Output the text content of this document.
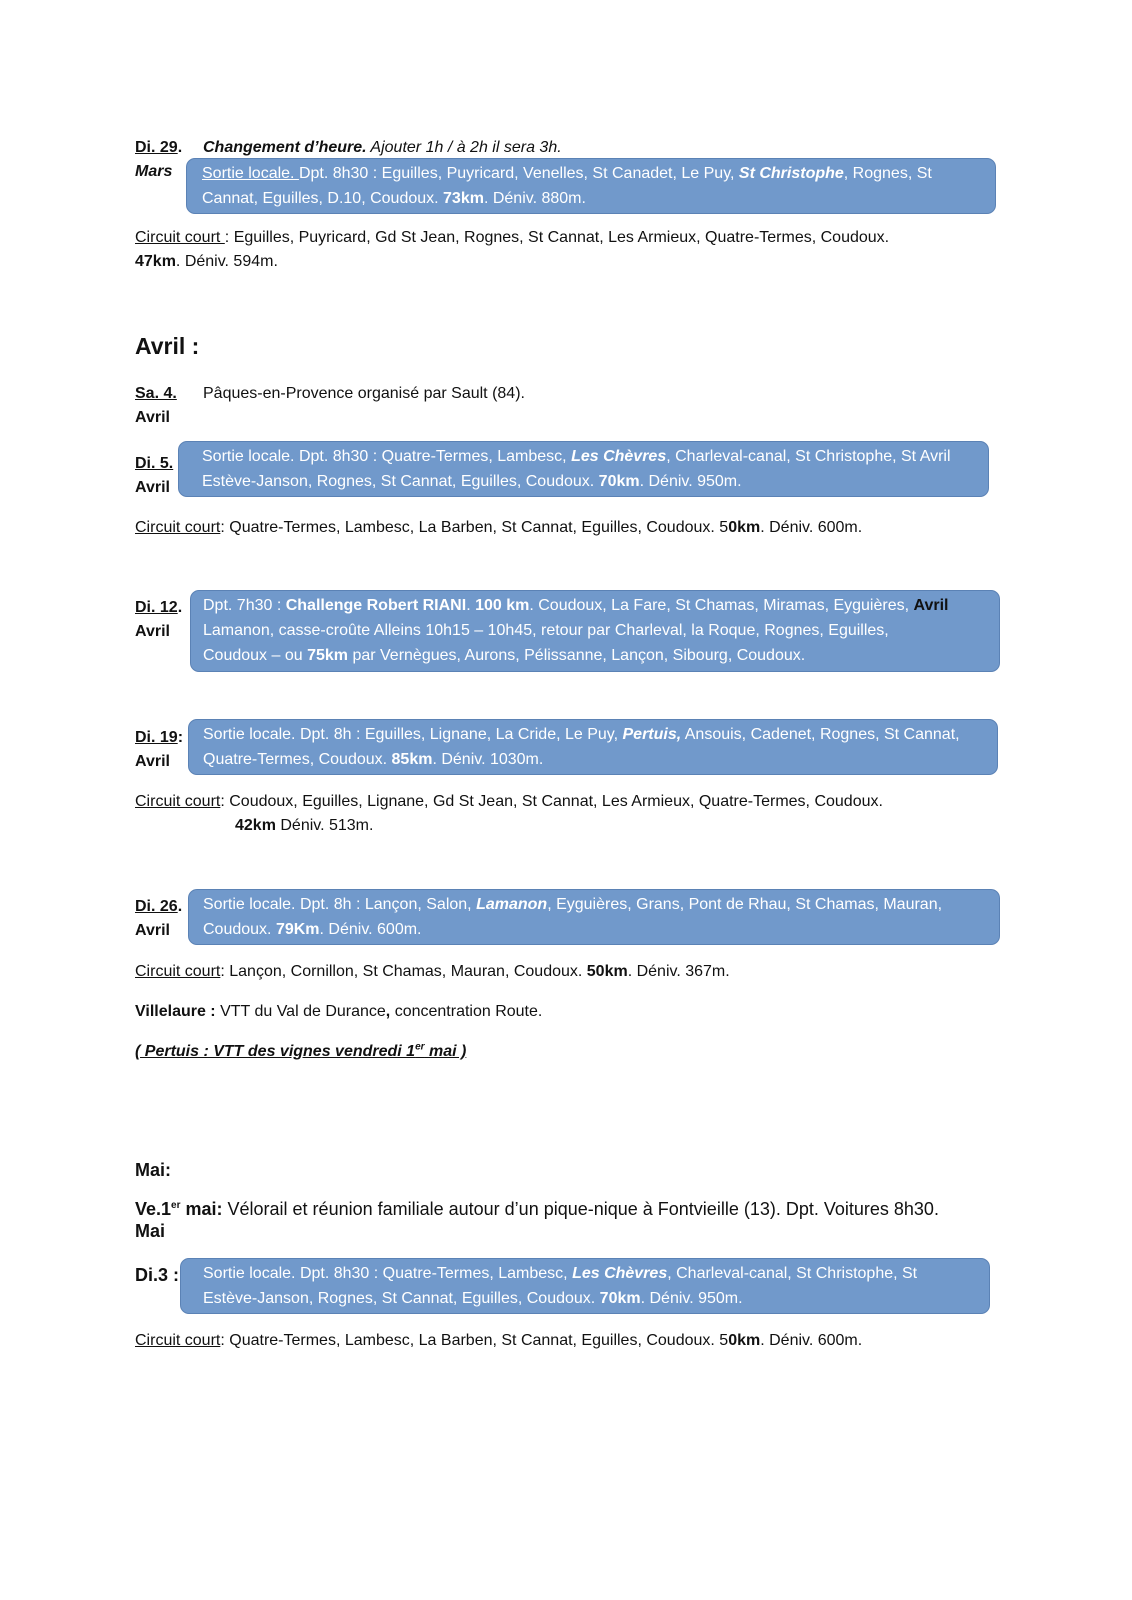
Di. 29.
Mars
Changement d’heure. Ajouter 1h / à 2h il sera 3h.
Sortie locale. Dpt. 8h30 : Eguilles, Puyricard, Venelles, St Canadet, Le Puy, St Christophe, Rognes, St
Cannat, Eguilles, D.10, Coudoux. 73km. Déniv. 880m.
Circuit court : Eguilles, Puyricard, Gd St Jean, Rognes, St Cannat, Les Armieux, Quatre-Termes, Coudoux.
47km. Déniv. 594m.
Avril :
Sa. 4.
Avril
Pâques-en-Provence organisé par Sault (84).
Di. 5.
Avril
Sortie locale. Dpt. 8h30 : Quatre-Termes, Lambesc, Les Chèvres, Charleval-canal, St Christophe, St Avril
Estève-Janson, Rognes, St Cannat, Eguilles, Coudoux. 70km. Déniv. 950m.
Circuit court: Quatre-Termes, Lambesc, La Barben, St Cannat, Eguilles, Coudoux. 50km. Déniv. 600m.
Di. 12.
Avril
Dpt. 7h30 : Challenge Robert RIANI. 100 km. Coudoux, La Fare, St Chamas, Miramas, Eyguières, Avril
Lamanon, casse-croûte Alleins 10h15 – 10h45, retour par Charleval, la Roque, Rognes, Eguilles,
Coudoux – ou 75km par Vernègues, Aurons, Pélissanne, Lançon, Sibourg, Coudoux.
Di. 19:
Avril
Sortie locale. Dpt. 8h : Eguilles, Lignane, La Cride, Le Puy, Pertuis, Ansouis, Cadenet, Rognes, St Cannat,
Quatre-Termes, Coudoux. 85km. Déniv. 1030m.
Circuit court: Coudoux, Eguilles, Lignane, Gd St Jean, St Cannat, Les Armieux, Quatre-Termes, Coudoux.
42km Déniv. 513m.
Di. 26.
Avril
Sortie locale. Dpt. 8h : Lançon, Salon, Lamanon, Eyguières, Grans, Pont de Rhau, St Chamas, Mauran,
Coudoux. 79Km. Déniv. 600m.
Circuit court: Lançon, Cornillon, St Chamas, Mauran, Coudoux. 50km. Déniv. 367m.
Villelaure : VTT du Val de Durance, concentration Route.
( Pertuis : VTT des vignes vendredi 1er mai )
Mai:
Ve.1er mai: Vélorail et réunion familiale autour d’un pique-nique à Fontvieille (13). Dpt. Voitures 8h30.
Mai
Di.3 : Sortie locale. Dpt. 8h30 : Quatre-Termes, Lambesc, Les Chèvres, Charleval-canal, St Christophe, St
Estève-Janson, Rognes, St Cannat, Eguilles, Coudoux. 70km. Déniv. 950m.
Circuit court: Quatre-Termes, Lambesc, La Barben, St Cannat, Eguilles, Coudoux. 50km. Déniv. 600m.
